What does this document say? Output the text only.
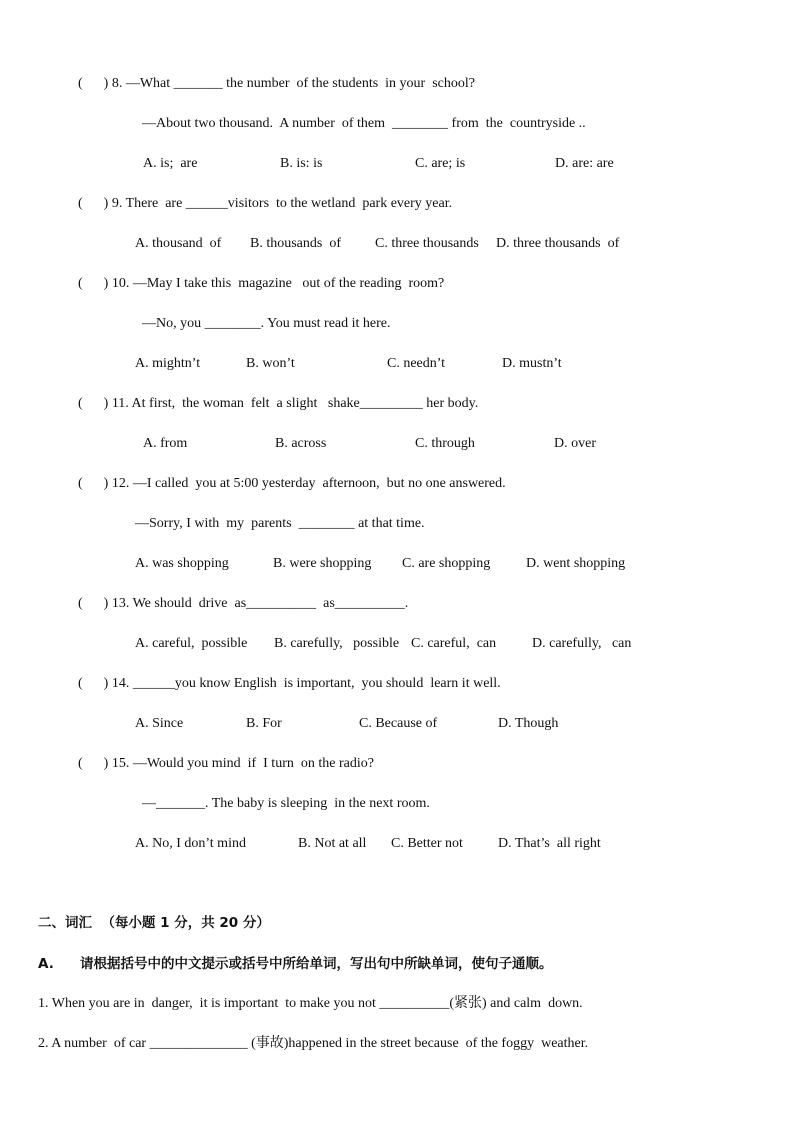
(      ) 8. —What _______ the number  of the students  in your  school?
—About two thousand.  A number  of them  ________ from  the  countryside ..

A. is;  are

	B. is: is

	C. are; is

	D. are: are

(      ) 9. There  are ______visitors  to the wetland  park every year.

A. thousand  of

B. thousands  of

C. three thousands

D. three thousands  of

(      ) 10. —May I take this  magazine   out of the reading  room?
—No, you ________. You must read it here.

A. mightn’t

	B. won’t

	C. needn’t

	D. mustn’t

(      ) 11. At first,  the woman  felt  a slight   shake_________ her body.

A. from

	B. across

	C. through

	D. over

(      ) 12. —I called  you at 5:00 yesterday  afternoon,  but no one answered.
—Sorry, I with  my  parents  ________ at that time.

A. was shopping

	B. were shopping

C. are shopping

	D. went shopping

(      ) 13. We should  drive  as__________  as__________.

A. careful,  possible

B. carefully,   possible

C. careful,  can

	D. carefully,   can

(      ) 14. ______you know English  is important,  you should  learn it well.

A. Since

	B. For

	C. Because of

	D. Though

(      ) 15. —Would you mind  if  I turn  on the radio?
—_______. The baby is sleeping  in the next room.

A. No, I don’t mind

	B. Not at all

C. Better not

	D. That’s  all right

二、词汇  （每小题 1 分，共 20 分）
A. 请根据括号中的中文提示或括号中所给单词，写出句中所缺单词，使句子通顺。
1. When you are in  danger,  it is important  to make you not __________(紧张) and calm  down.
2. A number  of car ______________ (事故)happened in the street because  of the foggy  weather.
